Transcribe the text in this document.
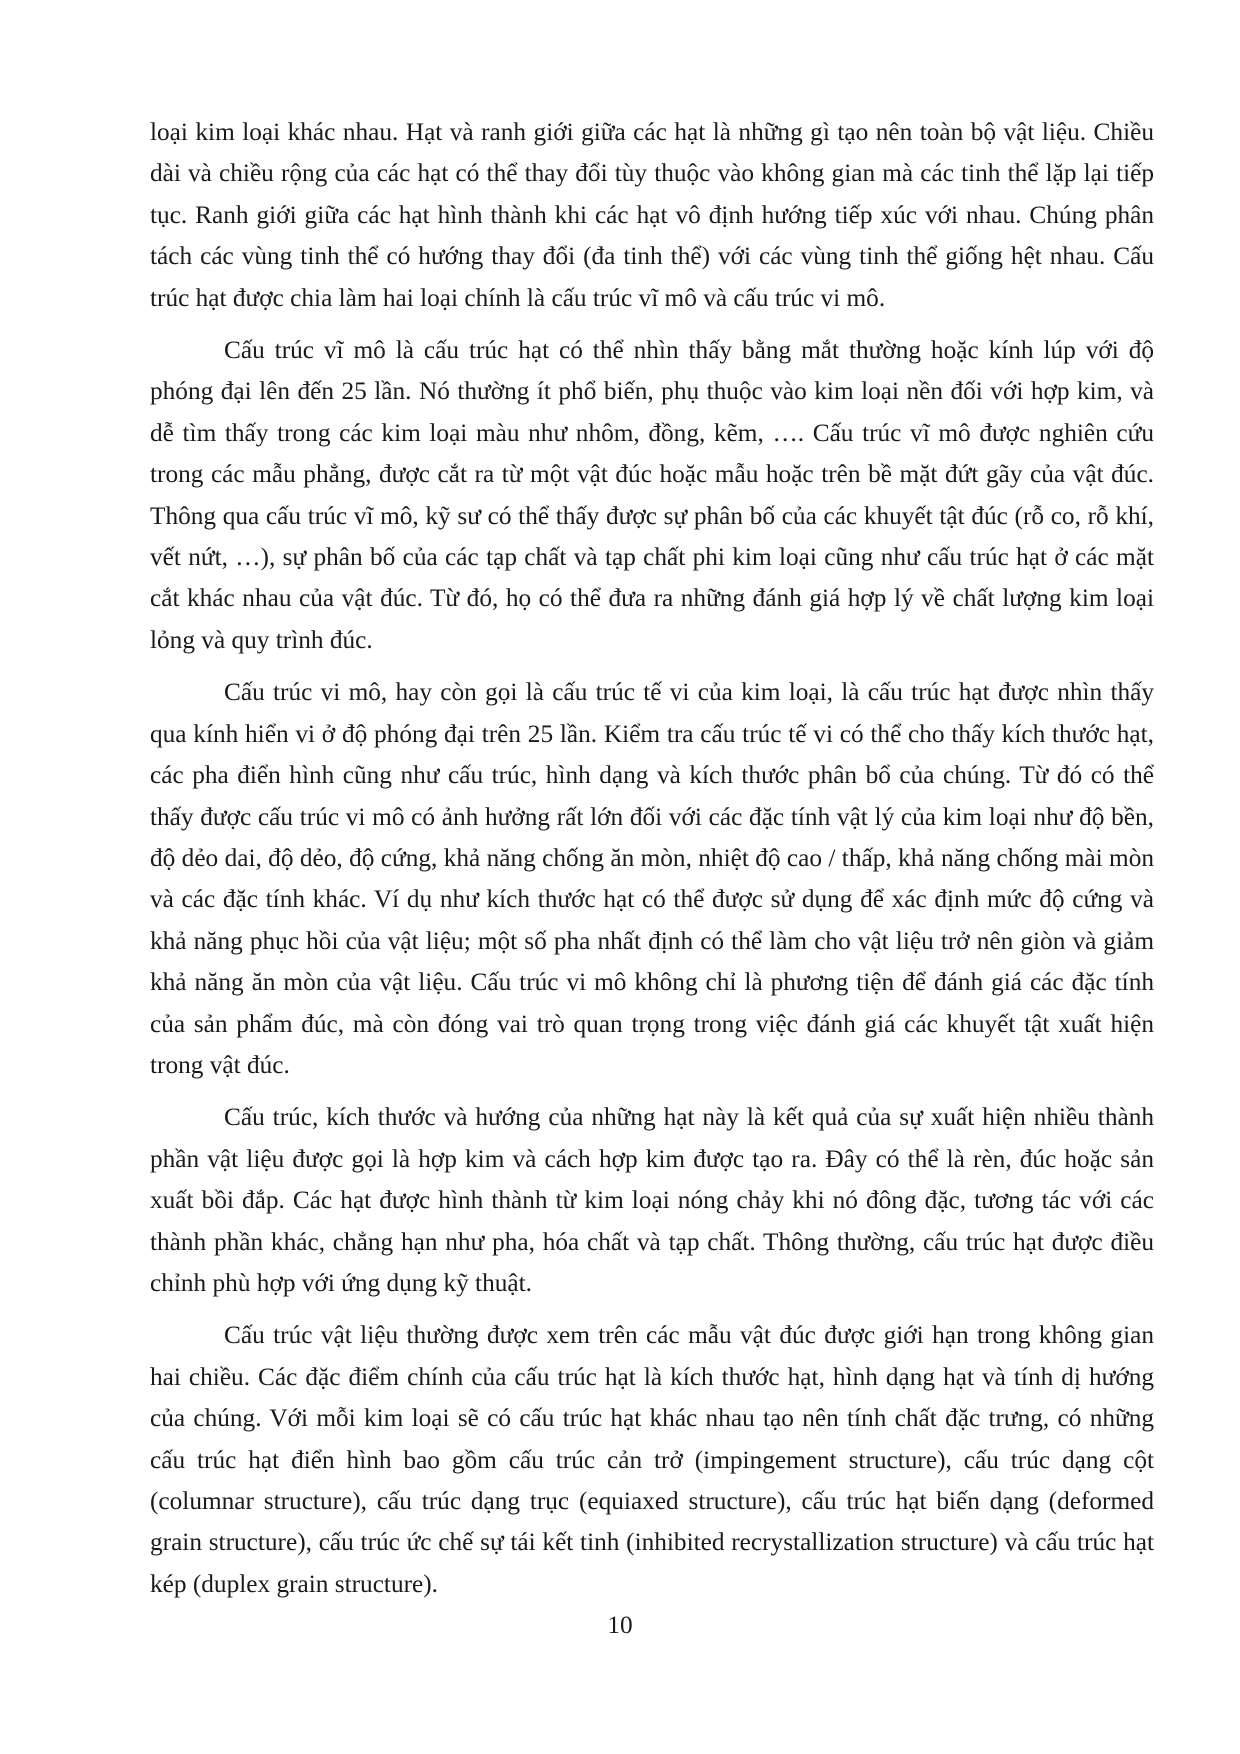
loại kim loại khác nhau. Hạt và ranh giới giữa các hạt là những gì tạo nên toàn bộ vật liệu. Chiều dài và chiều rộng của các hạt có thể thay đổi tùy thuộc vào không gian mà các tinh thể lặp lại tiếp tục. Ranh giới giữa các hạt hình thành khi các hạt vô định hướng tiếp xúc với nhau. Chúng phân tách các vùng tinh thể có hướng thay đổi (đa tinh thể) với các vùng tinh thể giống hệt nhau. Cấu trúc hạt được chia làm hai loại chính là cấu trúc vĩ mô và cấu trúc vi mô.

Cấu trúc vĩ mô là cấu trúc hạt có thể nhìn thấy bằng mắt thường hoặc kính lúp với độ phóng đại lên đến 25 lần. Nó thường ít phổ biến, phụ thuộc vào kim loại nền đối với hợp kim, và dễ tìm thấy trong các kim loại màu như nhôm, đồng, kẽm, …. Cấu trúc vĩ mô được nghiên cứu trong các mẫu phẳng, được cắt ra từ một vật đúc hoặc mẫu hoặc trên bề mặt đứt gãy của vật đúc. Thông qua cấu trúc vĩ mô, kỹ sư có thể thấy được sự phân bố của các khuyết tật đúc (rỗ co, rỗ khí, vết nứt, …), sự phân bố của các tạp chất và tạp chất phi kim loại cũng như cấu trúc hạt ở các mặt cắt khác nhau của vật đúc. Từ đó, họ có thể đưa ra những đánh giá hợp lý về chất lượng kim loại lỏng và quy trình đúc.

Cấu trúc vi mô, hay còn gọi là cấu trúc tế vi của kim loại, là cấu trúc hạt được nhìn thấy qua kính hiển vi ở độ phóng đại trên 25 lần. Kiểm tra cấu trúc tế vi có thể cho thấy kích thước hạt, các pha điển hình cũng như cấu trúc, hình dạng và kích thước phân bổ của chúng. Từ đó có thể thấy được cấu trúc vi mô có ảnh hưởng rất lớn đối với các đặc tính vật lý của kim loại như độ bền, độ dẻo dai, độ dẻo, độ cứng, khả năng chống ăn mòn, nhiệt độ cao / thấp, khả năng chống mài mòn và các đặc tính khác. Ví dụ như kích thước hạt có thể được sử dụng để xác định mức độ cứng và khả năng phục hồi của vật liệu; một số pha nhất định có thể làm cho vật liệu trở nên giòn và giảm khả năng ăn mòn của vật liệu. Cấu trúc vi mô không chỉ là phương tiện để đánh giá các đặc tính của sản phẩm đúc, mà còn đóng vai trò quan trọng trong việc đánh giá các khuyết tật xuất hiện trong vật đúc.

Cấu trúc, kích thước và hướng của những hạt này là kết quả của sự xuất hiện nhiều thành phần vật liệu được gọi là hợp kim và cách hợp kim được tạo ra. Đây có thể là rèn, đúc hoặc sản xuất bồi đắp. Các hạt được hình thành từ kim loại nóng chảy khi nó đông đặc, tương tác với các thành phần khác, chẳng hạn như pha, hóa chất và tạp chất. Thông thường, cấu trúc hạt được điều chỉnh phù hợp với ứng dụng kỹ thuật.

Cấu trúc vật liệu thường được xem trên các mẫu vật đúc được giới hạn trong không gian hai chiều. Các đặc điểm chính của cấu trúc hạt là kích thước hạt, hình dạng hạt và tính dị hướng của chúng. Với mỗi kim loại sẽ có cấu trúc hạt khác nhau tạo nên tính chất đặc trưng, có những cấu trúc hạt điển hình bao gồm cấu trúc cản trở (impingement structure), cấu trúc dạng cột (columnar structure), cấu trúc dạng trục (equiaxed structure), cấu trúc hạt biến dạng (deformed grain structure), cấu trúc ức chế sự tái kết tinh (inhibited recrystallization structure) và cấu trúc hạt kép (duplex grain structure).

10
